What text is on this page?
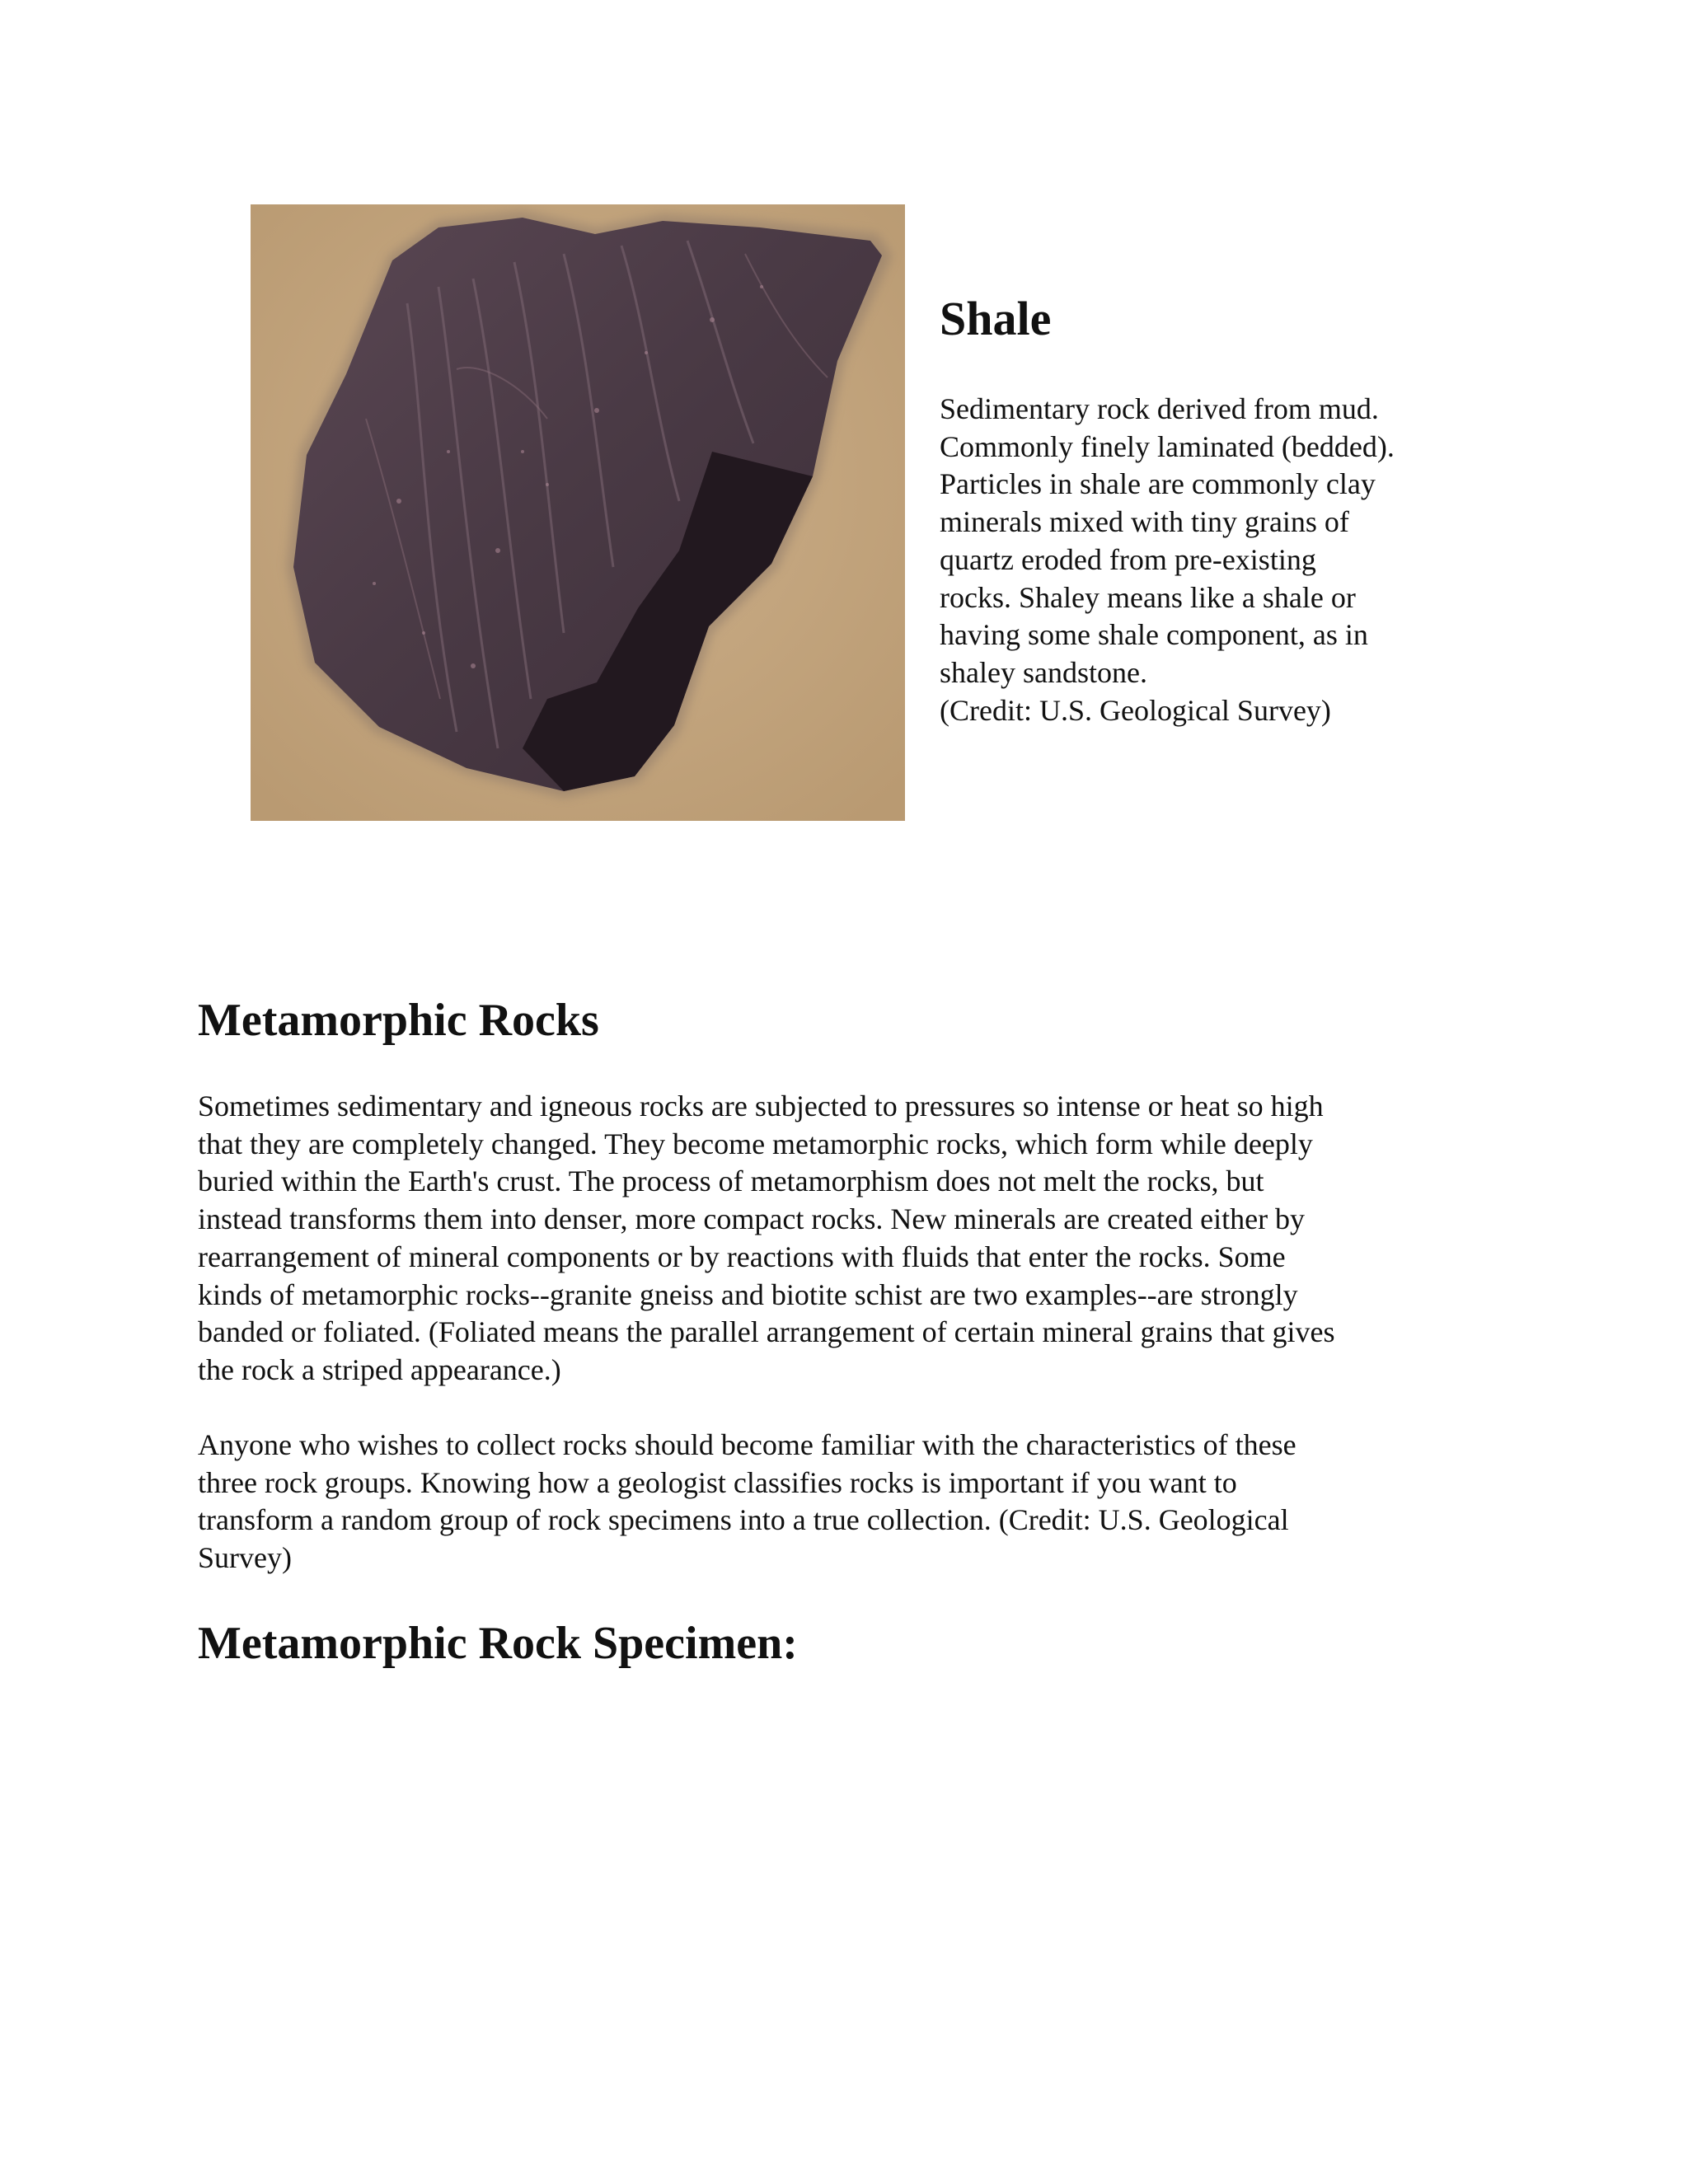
Shale

Sedimentary rock derived from mud.
Commonly finely laminated (bedded).
Particles in shale are commonly clay
minerals mixed with tiny grains of
quartz eroded from pre-existing
rocks. Shaley means like a shale or
having some shale component, as in
shaley sandstone.
(Credit: U.S. Geological Survey)

Metamorphic Rocks

Sometimes sedimentary and igneous rocks are subjected to pressures so intense or heat so high
that they are completely changed. They become metamorphic rocks, which form while deeply
buried within the Earth's crust. The process of metamorphism does not melt the rocks, but
instead transforms them into denser, more compact rocks. New minerals are created either by
rearrangement of mineral components or by reactions with fluids that enter the rocks. Some
kinds of metamorphic rocks--granite gneiss and biotite schist are two examples--are strongly
banded or foliated. (Foliated means the parallel arrangement of certain mineral grains that gives
the rock a striped appearance.)

Anyone who wishes to collect rocks should become familiar with the characteristics of these
three rock groups. Knowing how a geologist classifies rocks is important if you want to
transform a random group of rock specimens into a true collection. (Credit: U.S. Geological
Survey)

Metamorphic Rock Specimen:
